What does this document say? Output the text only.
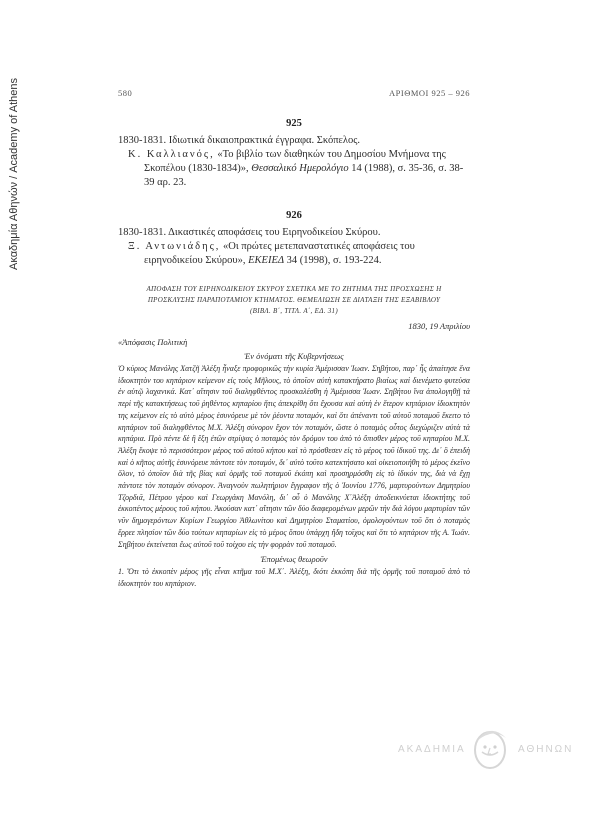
Ακαδημία Αθηνών / Academy of Athens	580	ΑΡΙΘΜΟΙ 925 – 926
925

1830-1831. Ιδιωτικά δικαιοπρακτικά έγγραφα. Σκόπελος.

Κ. Καλλιανός, «Το βιβλίο των διαθηκών του Δημοσίου Μνήμονα της Σκοπέλου (1830-1834)», Θεσσαλικό Ημερολόγιο 14 (1988), σ. 35-36, σ. 38-39 αρ. 23.

926

1830-1831. Δικαστικές αποφάσεις του Ειρηνοδικείου Σκύρου.

Ξ. Αντωνιάδης, «Οι πρώτες μετεπαναστατικές αποφάσεις του ειρηνοδικείου Σκύρου», ΕΚΕΙΕΔ 34 (1998), σ. 193-224.

ΑΠΟΦΑΣΗ ΤΟΥ ΕΙΡΗΝΟΔΙΚΕΙΟΥ ΣΚΥΡΟΥ ΣΧΕΤΙΚΑ ΜΕ ΤΟ ΖΗΤΗΜΑ ΤΗΣ ΠΡΟΣΧΩΣΗΣ Η
ΠΡΟΣΚΛΥΣΗΣ ΠΑΡΑΠΟΤΑΜΙΟΥ ΚΤΗΜΑΤΟΣ. ΘΕΜΕΛΙΩΣΗ ΣΕ ΔΙΑΤΑΞΗ ΤΗΣ ΕΞΑΒΙΒΛΟΥ
(ΒΙΒΛ. Β΄, ΤΙΤΛ. Α΄, ΕΔ. 31)
1830, 19 Απριλίου
«Ἀπόφασις Πολιτικὴ
Ἐν ὀνόματι τῆς Κυβερνήσεως

Ὁ κύριος Μανόλης Χατζῆ Ἀλέξη ἦναξε προφορικῶς τὴν κυρία Ἀμέρισσαν Ἰωαν. Σηβήτου, παρ᾽ ἧς ἀπαίτησε ἕνα ἰδιοκτητὸν του κηπάριον κείμενον εἰς τοὺς Μῆλους, τὸ ὁποῖον αὐτὴ κατακτήρατο βιαίως καὶ διενέμετο φυτεύσα ἐν αὐτῷ λαχανικά. Κατ᾽ αἴτησιν τοῦ διαληφθέντος προσκαλέσθη ἡ Ἀμέρισσα Ἰωαν. Σηβήτου ἵνα ἀπολογηθῇ τὰ περὶ τῆς κατακτήσεως τοῦ ῥηθέντος κηπαρίου ἥτις ἀπεκρίθη ὅτι ἔχουσα καὶ αὐτὴ ἐν ἕτερον κηπάριον ἰδιοκτητὸν της κείμενον εἰς τὸ αὐτὸ μέρος ἑσυνόρευε μὲ τὸν ῥέοντα ποταμόν, καὶ ὅτι ἀπέναντι τοῦ αὐτοῦ ποταμοῦ ἔκειτο τὸ κηπάριον τοῦ διαληφθέντος Μ.Χ. Ἀλέξη σύνορον ἔχον τὸν ποταμόν, ὥστε ὁ ποταμὸς οὗτος διεχώριζεν αὐτὰ τὰ κηπάρια. Πρὸ πέντε δὲ ἢ ἓξη ἐτῶν στρίψας ὁ ποταμὸς τὸν δρόμον του ἀπὸ τὸ ὄπισθεν μέρος τοῦ κηπαρίου Μ.Χ. Ἀλέξη ἔκοψε τὸ περισσότερον μέρος τοῦ αὐτοῦ κήπου καὶ τὸ πρόσθεσεν εἰς τὸ μέρος τοῦ ἰδικοῦ της. Δι᾽ ὃ ἐπειδὴ καὶ ὁ κῆπος αὐτῆς ἑσυνόρευε πάντοτε τὸν ποταμόν, δι᾽ αὐτὸ τοῦτο κατεκτήσατο καὶ οἰκειοποιήθη τὸ μέρος ἐκεῖνο ὅλον, τὸ ὁποῖον διὰ τῆς βίας καὶ ὁρμῆς τοῦ ποταμοῦ ἐκόπη καὶ προσηρμόσθη εἰς τὸ ἰδικόν της, διὰ νὰ ἔχῃ πάντοτε τὸν ποταμὸν σύνορον. Ἀναγνοὺν πωλητήριον ἔγγραφον τῆς ὁ Ἰουνίου 1776, μαρτυρούντων Δημητρίου Τζορδιᾶ, Πέτρου γέρου καὶ Γεωργάκη Μανόλη, δι᾽ οὗ ὁ Μανόλης Χ΄Ἀλέξη ἀποδεικνύεται ἰδιοκτήτης τοῦ ἐκκοπέντος μέρους τοῦ κήπου. Ἀκούσαν κατ᾽ αἴτησιν τῶν δύο διαφερομένων μερῶν τὴν διὰ λόγου μαρτυρίαν τῶν νῦν δημογερόντων Κυρίων Γεωργίου Ἀθλωνίτου καὶ Δημητρίου Σταματίου, ὁμολογούντων τοῦ ὅτι ὁ ποταμὸς ἔρρεε πλησίον τῶν δύο τούτων κηπαρίων εἰς τὸ μέρος ὅπου ὑπάρχη ἤδη τοῖχος καὶ ὅτι τὸ κηπάριον τῆς Α. Ἰωάν. Σηβήτου ἐκτείνεται ἕως αὐτοῦ τοῦ τοίχου εἰς τὴν φορρὰν τοῦ ποταμοῦ.

Ἐπομένως θεωροῦν

1. Ὅτι τὸ ἐκκοπὲν μέρος γῆς εἶναι κτῆμα τοῦ Μ.Χ΄. Ἀλέξη, διότι ἐκκόπη διὰ τῆς ὁρμῆς τοῦ ποταμοῦ ἀπὸ τὸ ἰδιοκτητὸν του κηπάριον.

ΑΚΑΔΗΜΙΑ	ΑΘΗΝΩΝ
